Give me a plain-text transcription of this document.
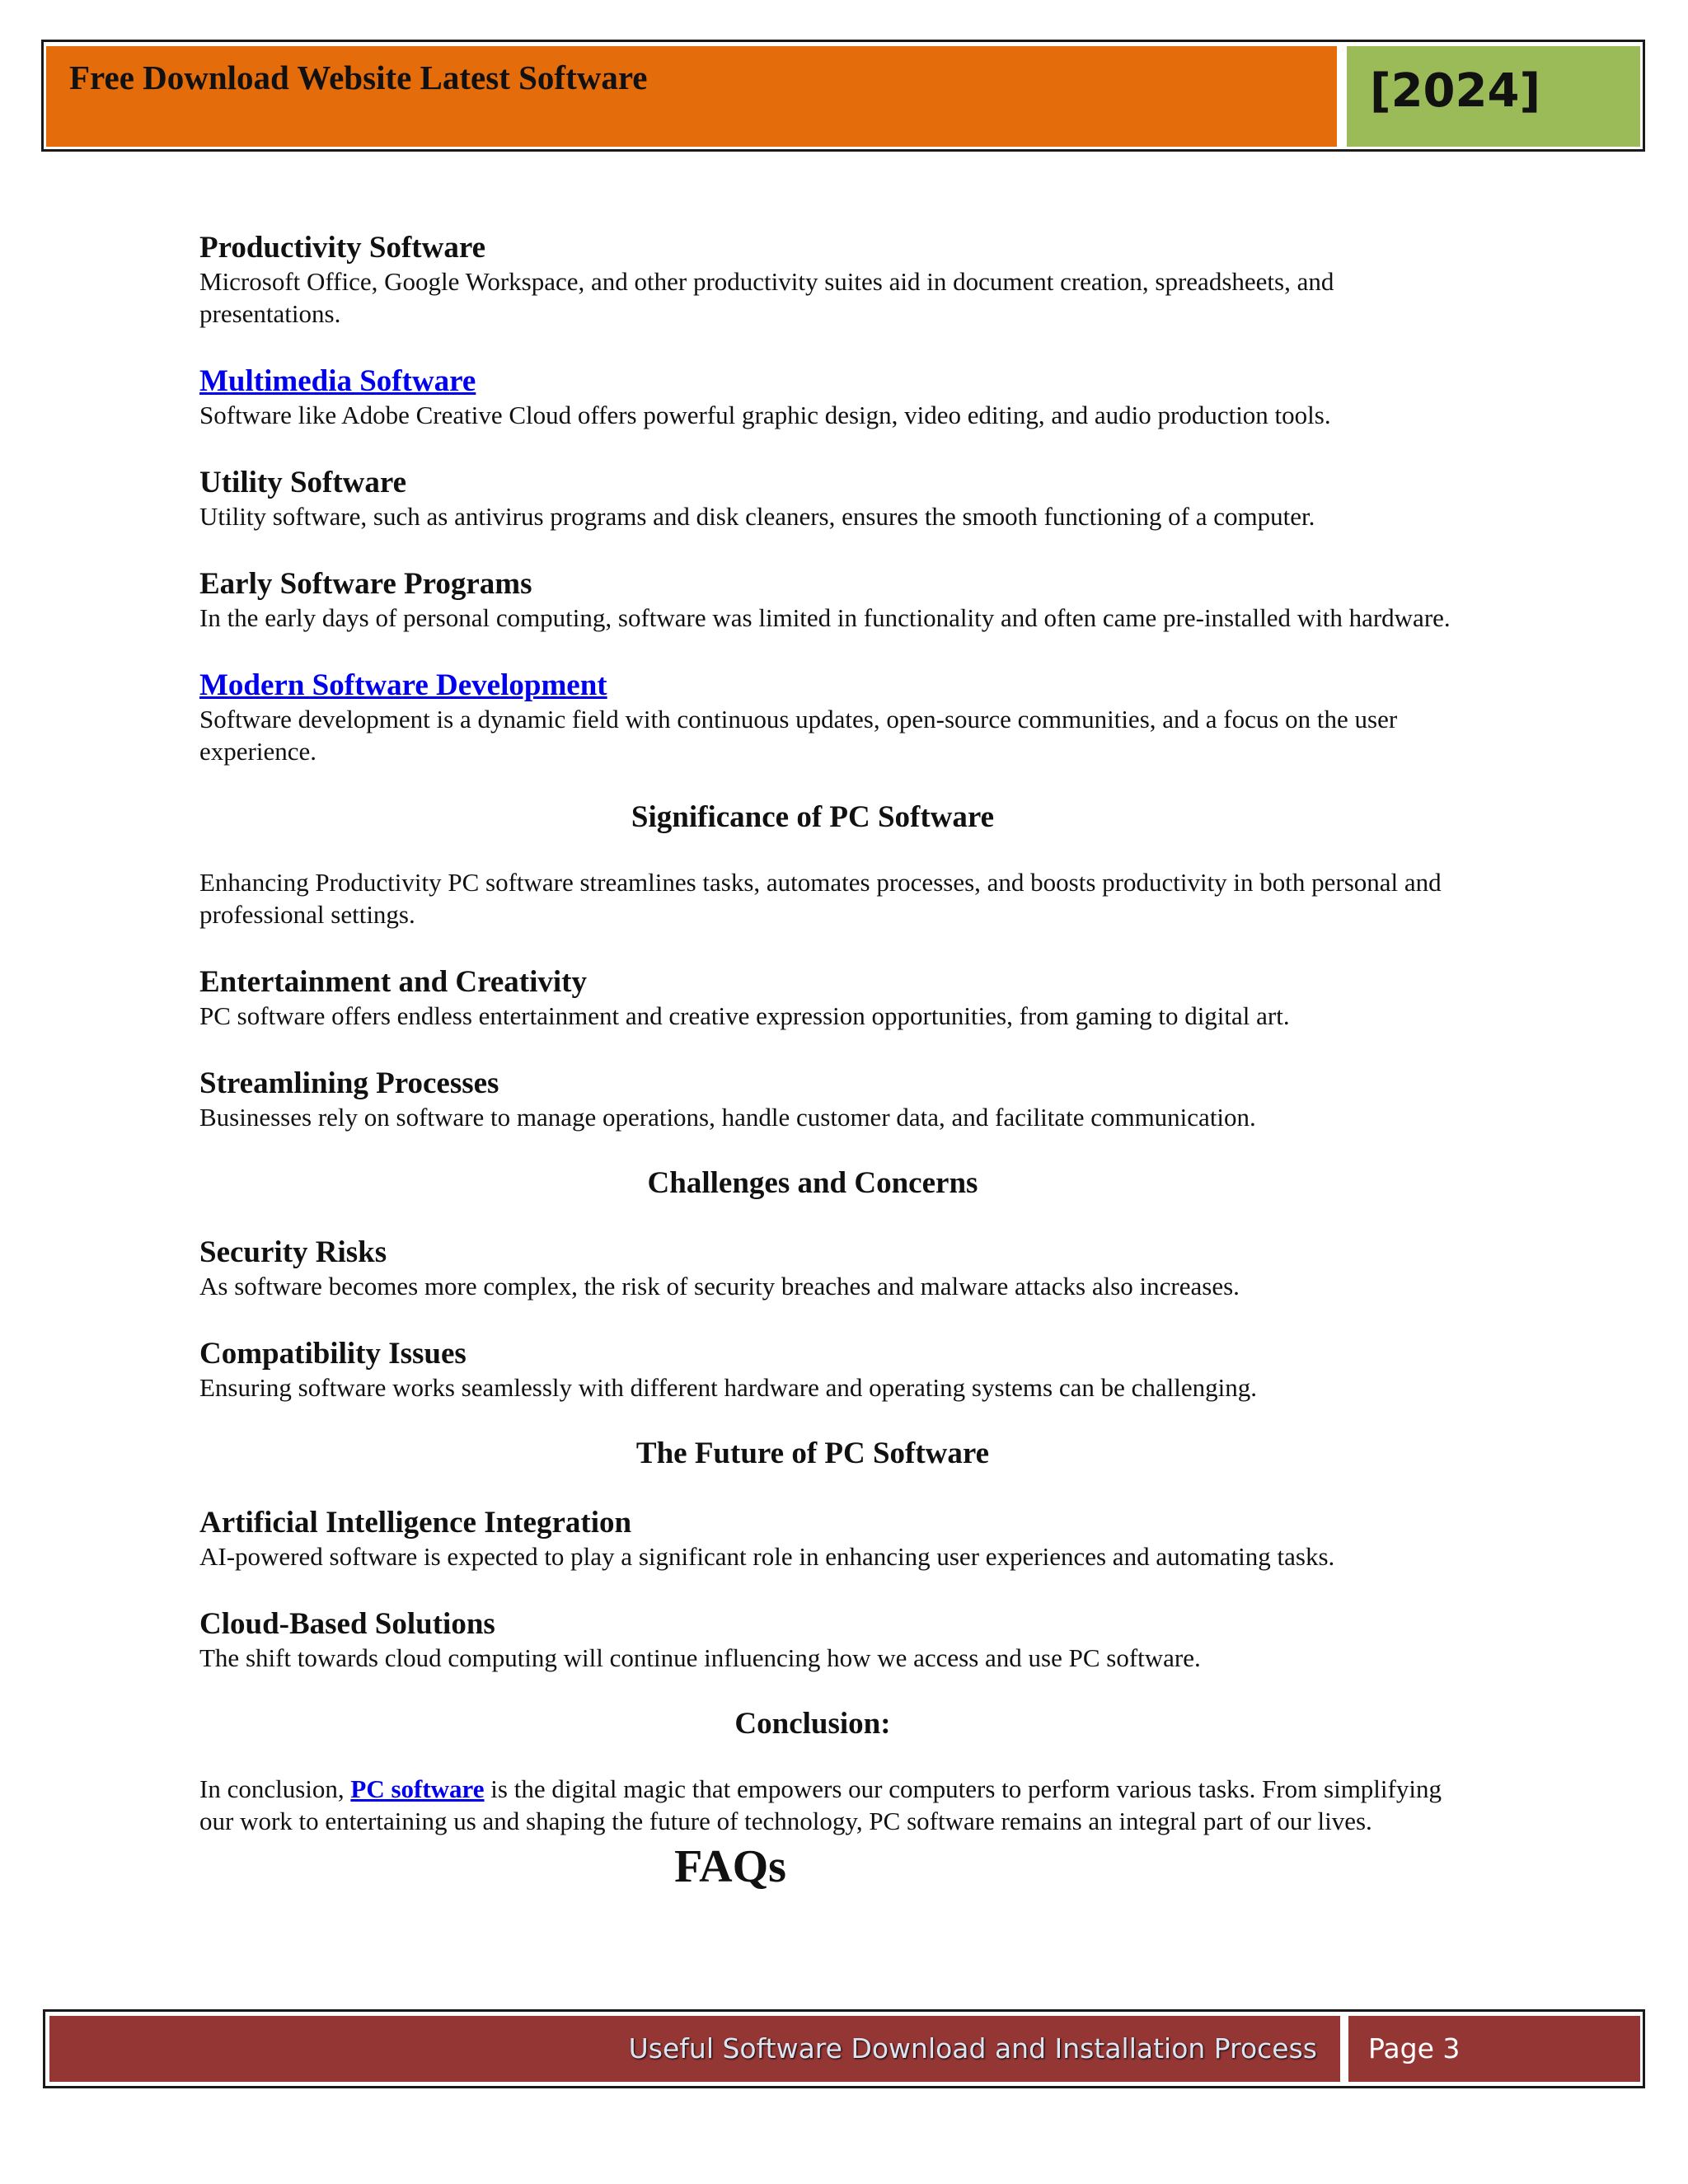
Free Download Website Latest Software	[2024]

Productivity Software

Microsoft Office, Google Workspace, and other productivity suites aid in document creation, spreadsheets, and presentations.

Multimedia Software

Software like Adobe Creative Cloud offers powerful graphic design, video editing, and audio production tools.

Utility Software

Utility software, such as antivirus programs and disk cleaners, ensures the smooth functioning of a computer.

Early Software Programs

In the early days of personal computing, software was limited in functionality and often came pre-installed with hardware.

Modern Software Development

Software development is a dynamic field with continuous updates, open-source communities, and a focus on the user experience.

Significance of PC Software

Enhancing Productivity PC software streamlines tasks, automates processes, and boosts productivity in both personal and professional settings.

Entertainment and Creativity

PC software offers endless entertainment and creative expression opportunities, from gaming to digital art.

Streamlining Processes

Businesses rely on software to manage operations, handle customer data, and facilitate communication.

Challenges and Concerns

Security Risks

As software becomes more complex, the risk of security breaches and malware attacks also increases.

Compatibility Issues

Ensuring software works seamlessly with different hardware and operating systems can be challenging.

The Future of PC Software

Artificial Intelligence Integration

AI-powered software is expected to play a significant role in enhancing user experiences and automating tasks.

Cloud-Based Solutions

The shift towards cloud computing will continue influencing how we access and use PC software.

Conclusion:

In conclusion, PC software is the digital magic that empowers our computers to perform various tasks. From simplifying our work to entertaining us and shaping the future of technology, PC software remains an integral part of our lives.

FAQs

Useful Software Download and Installation Process Page 3
